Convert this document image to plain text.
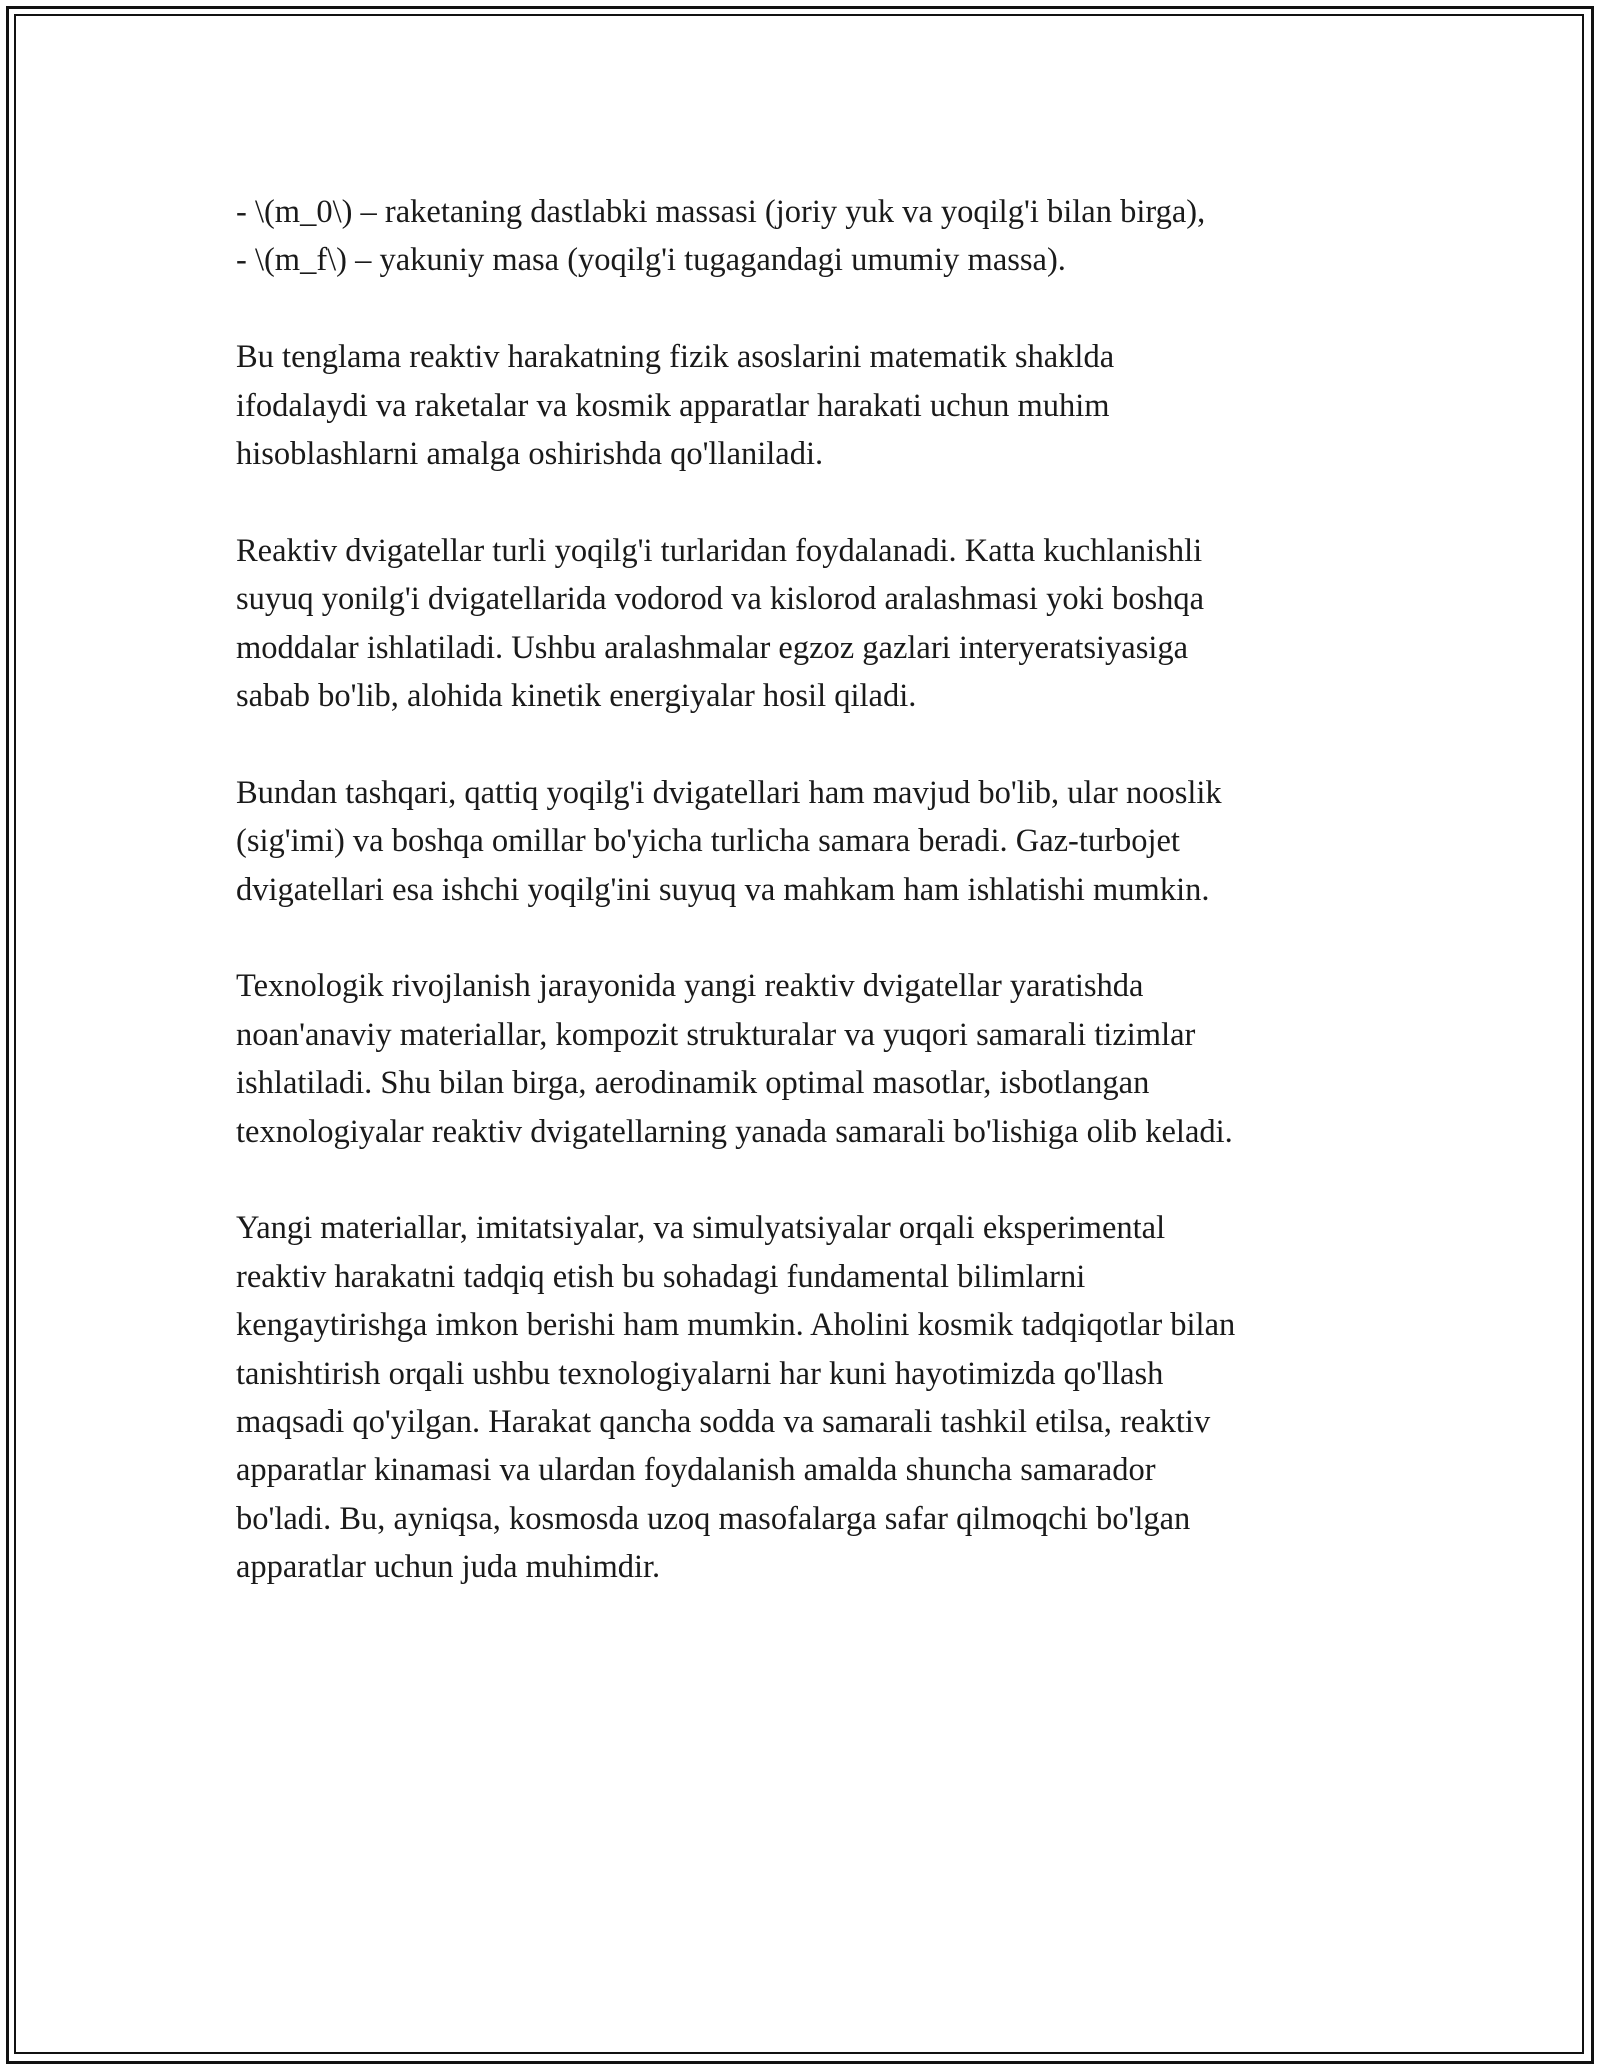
- \(m_0\) – raketaning dastlabki massasi (joriy yuk va yoqilg'i bilan birga),
- \(m_f\) – yakuniy masa (yoqilg'i tugagandagi umumiy massa).

Bu tenglama reaktiv harakatning fizik asoslarini matematik shaklda
ifodalaydi va raketalar va kosmik apparatlar harakati uchun muhim
hisoblashlarni amalga oshirishda qo'llaniladi.

Reaktiv dvigatellar turli yoqilg'i turlaridan foydalanadi. Katta kuchlanishli
suyuq yonilg'i dvigatellarida vodorod va kislorod aralashmasi yoki boshqa
moddalar ishlatiladi. Ushbu aralashmalar egzoz gazlari interyeratsiyasiga
sabab bo'lib, alohida kinetik energiyalar hosil qiladi.

Bundan tashqari, qattiq yoqilg'i dvigatellari ham mavjud bo'lib, ular nooslik
(sig'imi) va boshqa omillar bo'yicha turlicha samara beradi. Gaz-turbojet
dvigatellari esa ishchi yoqilg'ini suyuq va mahkam ham ishlatishi mumkin.

Texnologik rivojlanish jarayonida yangi reaktiv dvigatellar yaratishda
noan'anaviy materiallar, kompozit strukturalar va yuqori samarali tizimlar
ishlatiladi. Shu bilan birga, aerodinamik optimal masotlar, isbotlangan
texnologiyalar reaktiv dvigatellarning yanada samarali bo'lishiga olib keladi.

Yangi materiallar, imitatsiyalar, va simulyatsiyalar orqali eksperimental
reaktiv harakatni tadqiq etish bu sohadagi fundamental bilimlarni
kengaytirishga imkon berishi ham mumkin. Aholini kosmik tadqiqotlar bilan
tanishtirish orqali ushbu texnologiyalarni har kuni hayotimizda qo'llash
maqsadi qo'yilgan. Harakat qancha sodda va samarali tashkil etilsa, reaktiv
apparatlar kinamasi va ulardan foydalanish amalda shuncha samarador
bo'ladi. Bu, ayniqsa, kosmosda uzoq masofalarga safar qilmoqchi bo'lgan
apparatlar uchun juda muhimdir.
